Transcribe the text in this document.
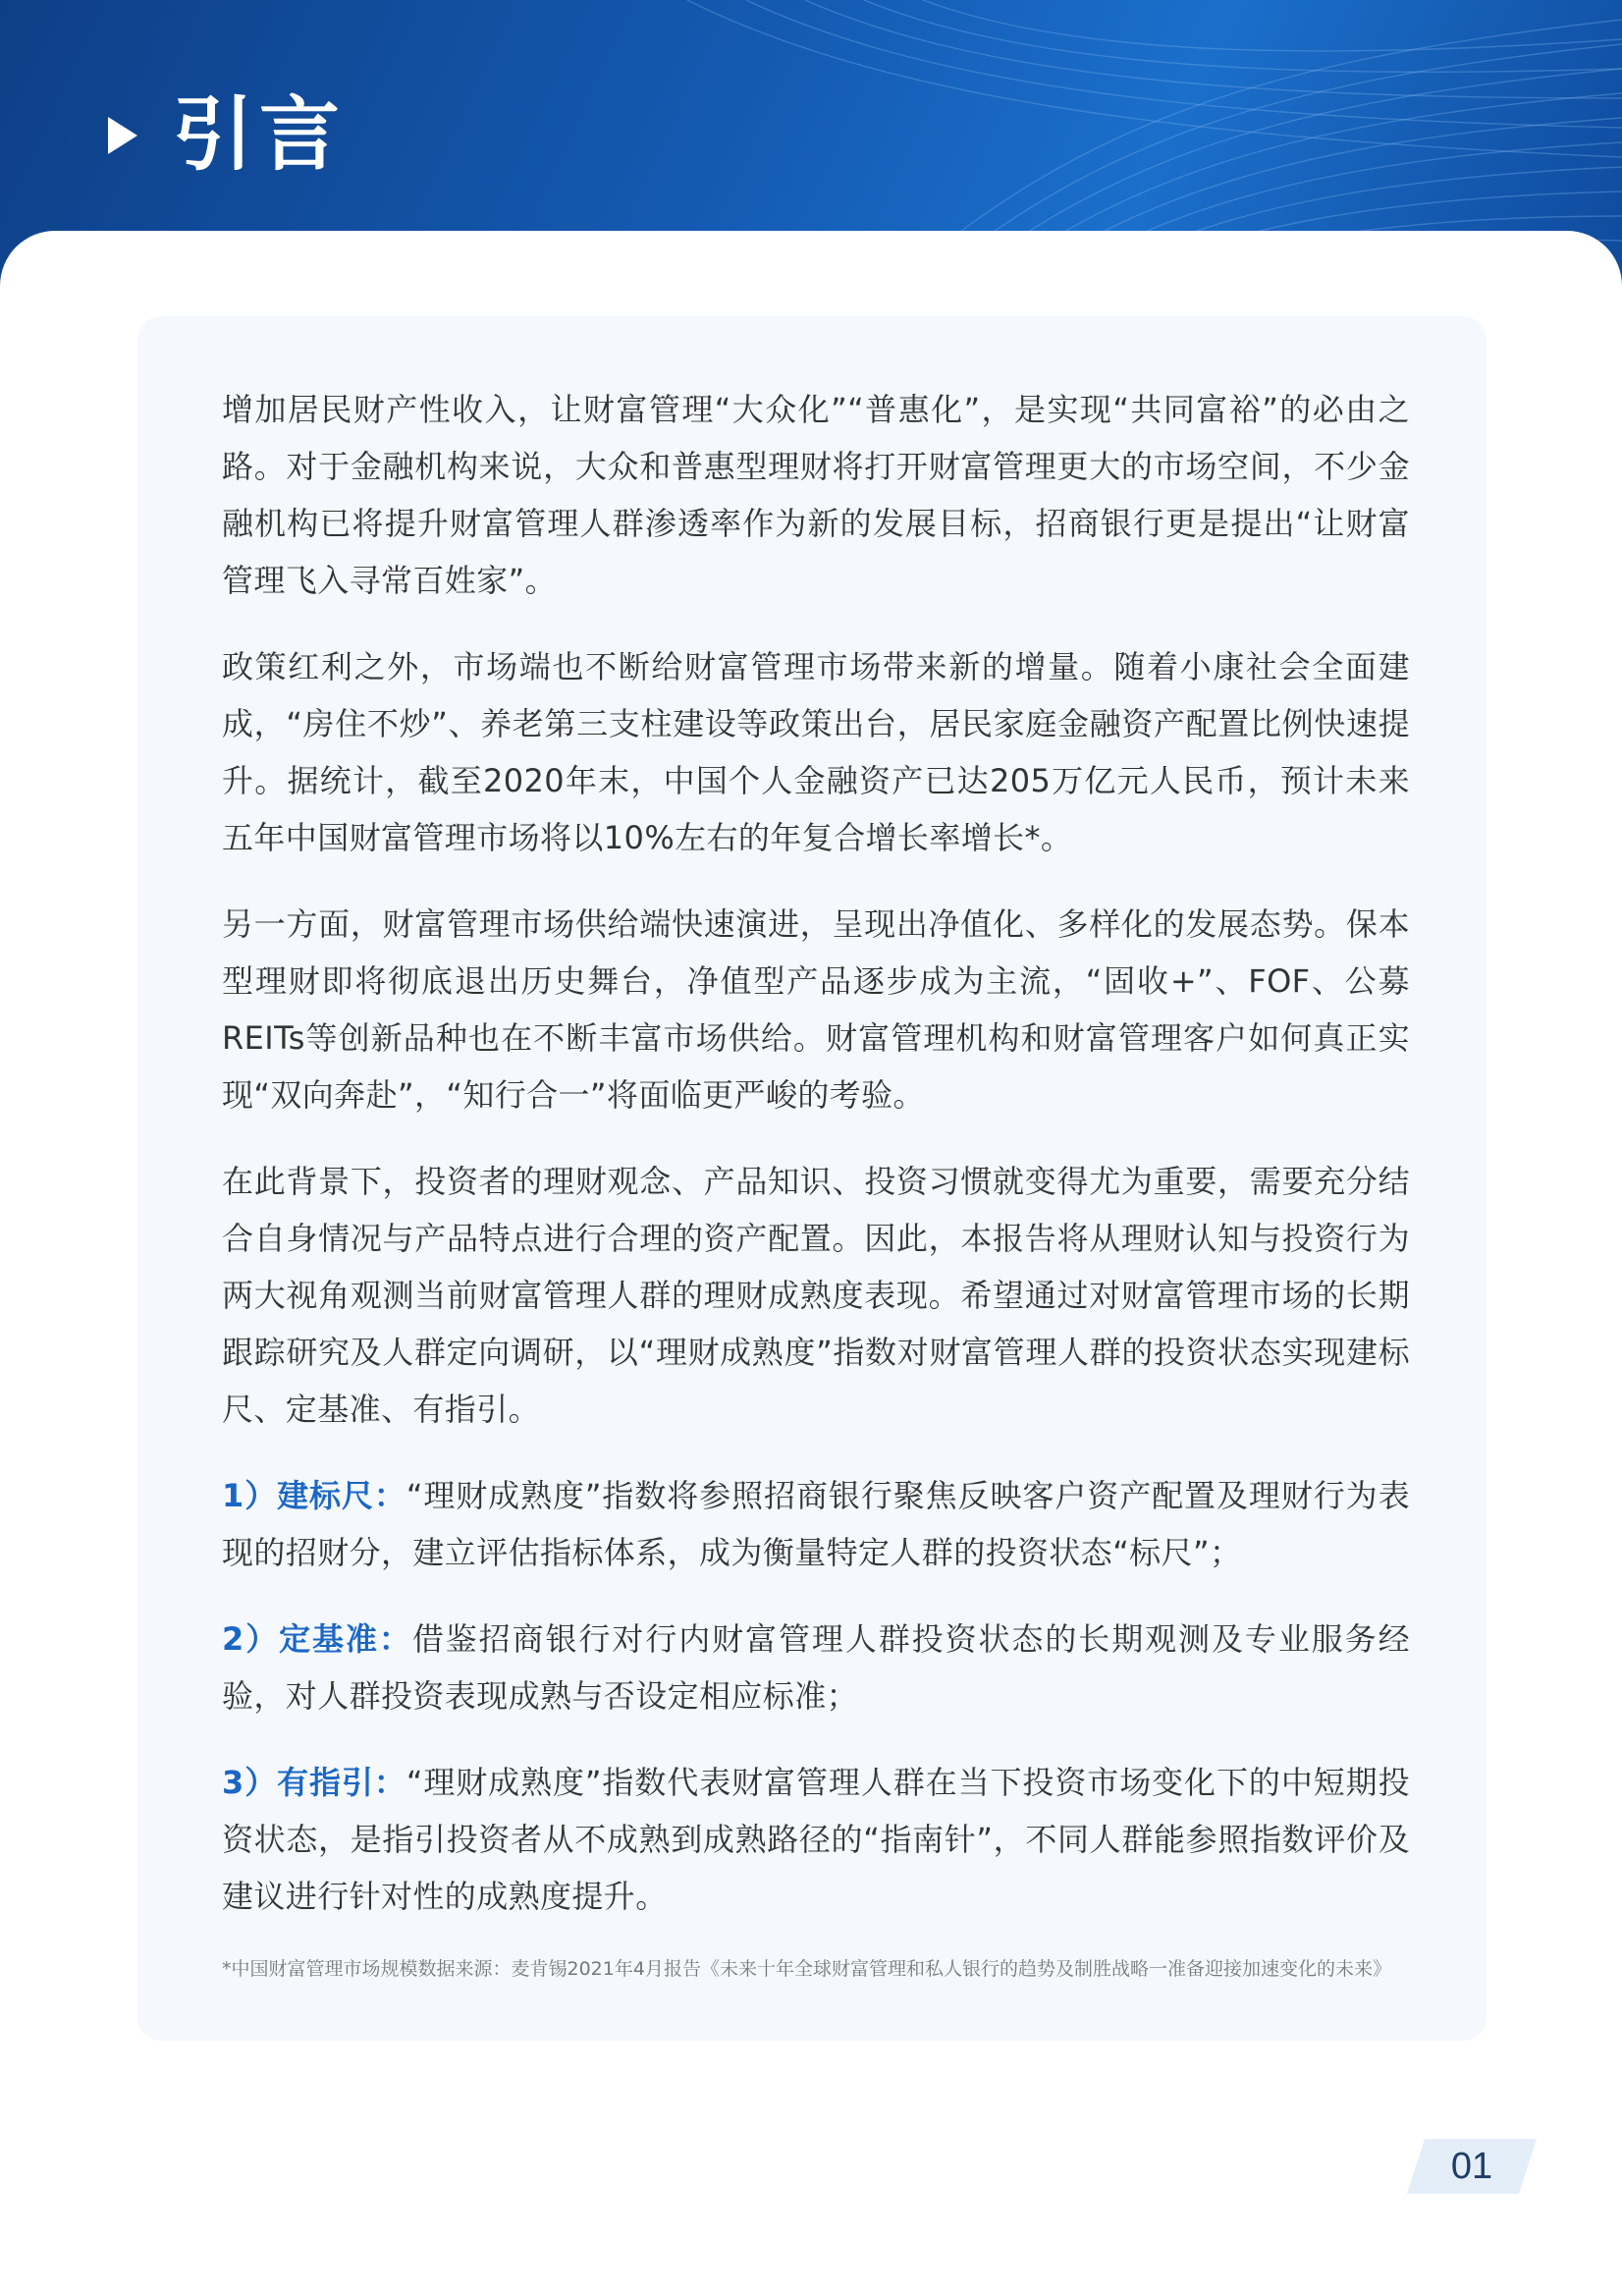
引言

增加居民财产性收入，让财富管理“大众化”“普惠化”，是实现“共同富裕”的必由之路。对于金融机构来说，大众和普惠型理财将打开财富管理更大的市场空间，不少金融机构已将提升财富管理人群渗透率作为新的发展目标，招商银行更是提出“让财富管理飞入寻常百姓家”。

政策红利之外，市场端也不断给财富管理市场带来新的增量。随着小康社会全面建成，“房住不炒”、养老第三支柱建设等政策出台，居民家庭金融资产配置比例快速提升。据统计，截至2020年末，中国个人金融资产已达205万亿元人民币，预计未来五年中国财富管理市场将以10%左右的年复合增长率增长*。

另一方面，财富管理市场供给端快速演进，呈现出净值化、多样化的发展态势。保本型理财即将彻底退出历史舞台，净值型产品逐步成为主流，“固收+”、FOF、公募REITs等创新品种也在不断丰富市场供给。财富管理机构和财富管理客户如何真正实现“双向奔赴”，“知行合一”将面临更严峻的考验。

在此背景下，投资者的理财观念、产品知识、投资习惯就变得尤为重要，需要充分结合自身情况与产品特点进行合理的资产配置。因此，本报告将从理财认知与投资行为两大视角观测当前财富管理人群的理财成熟度表现。希望通过对财富管理市场的长期跟踪研究及人群定向调研，以“理财成熟度”指数对财富管理人群的投资状态实现建标尺、定基准、有指引。

1）建标尺：“理财成熟度”指数将参照招商银行聚焦反映客户资产配置及理财行为表现的招财分，建立评估指标体系，成为衡量特定人群的投资状态“标尺”；

2）定基准：借鉴招商银行对行内财富管理人群投资状态的长期观测及专业服务经验，对人群投资表现成熟与否设定相应标准；

3）有指引：“理财成熟度”指数代表财富管理人群在当下投资市场变化下的中短期投资状态，是指引投资者从不成熟到成熟路径的“指南针”，不同人群能参照指数评价及建议进行针对性的成熟度提升。

*中国财富管理市场规模数据来源：麦肯锡2021年4月报告《未来十年全球财富管理和私人银行的趋势及制胜战略一准备迎接加速变化的未来》
01
